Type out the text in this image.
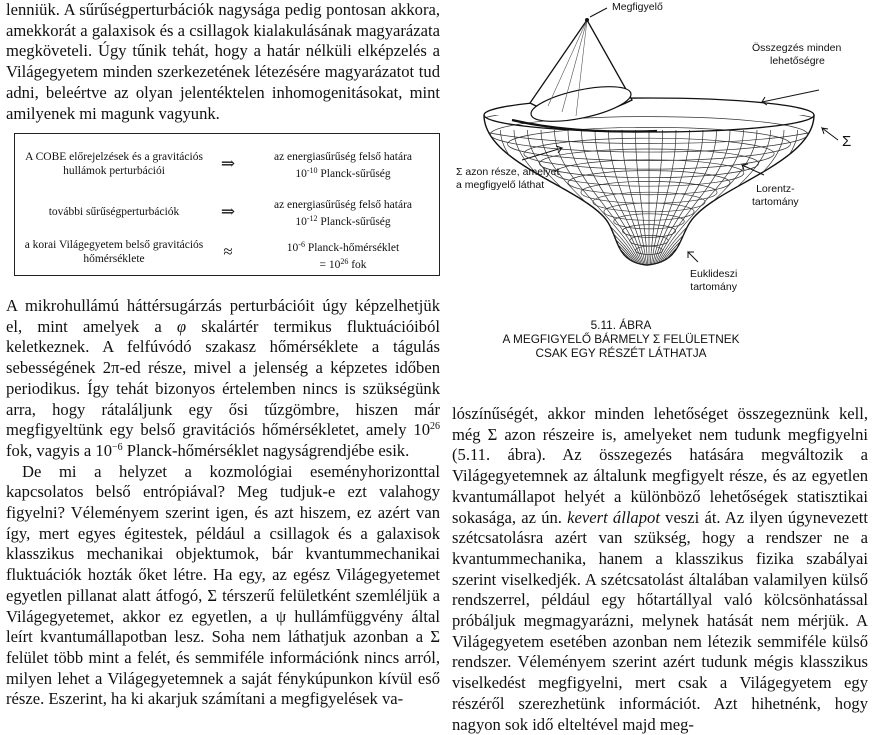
lenniük. A sűrűségperturbációk nagysága pedig pontosan akkora, amekkorát a galaxisok és a csillagok kialakulásának magyarázata megköveteli. Úgy tűnik tehát, hogy a határ nélküli elképzelés a Világegyetem minden szerkezetének létezésére magyarázatot tud adni, beleértve az olyan jelentéktelen inhomogenitásokat, mint amilyenek mi magunk vagyunk.

A COBE előrejelzések és a gravitációs hullámok perturbációi	⇒	az energiasűrűség felső határa
$10^{-10}$ Planck-sűrűség
további sűrűségperturbációk	⇒	az energiasűrűség felső határa
$10^{-12}$ Planck-sűrűség
a korai Világegyetem belső gravitációs hőmérséklete	≈	$10^{-6}$ Planck-hőmérséklet
= $10^{26}$ fok

A mikrohullámú háttérsugárzás perturbációit úgy képzelhetjük el, mint amelyek a φ skalártér termikus fluktuációiból keletkeznek. A felfúvódó szakasz hőmérséklete a tágulás sebességének 2π-ed része, mivel a jelenség a képzetes időben periodikus. Így tehát bizonyos értelemben nincs is szükségünk arra, hogy rátaláljunk egy ősi tűzgömbre, hiszen már megfigyeltünk egy belső gravitációs hőmérsékletet, amely $10^{26}$ fok, vagyis a $10^{-6}$ Planck-hőmérséklet nagyságrendjébe esik.

De mi a helyzet a kozmológiai eseményhorizonttal kapcsolatos belső entrópiával? Meg tudjuk-e ezt valahogy figyelni? Véleményem szerint igen, és azt hiszem, ez azért van így, mert egyes égitestek, például a csillagok és a galaxisok klasszikus mechanikai objektumok, bár kvantummechanikai fluktuációk hozták őket létre. Ha egy, az egész Világegyetemet egyetlen pillanat alatt átfogó, Σ térszerű felületként szemléljük a Világegyetemet, akkor ez egyetlen, a ψ hullámfüggvény által leírt kvantumállapotban lesz. Soha nem láthatjuk azonban a Σ felület több mint a felét, és semmiféle információnk nincs arról, milyen lehet a Világegyetemnek a saját fénykúpunkon kívül eső része. Eszerint, ha ki akarjuk számítani a megfigyelések va-

Megfigyelő
Összegzés minden
lehetőségre
Σ
Σ azon része, amelyet
a megfigyelő láthat	Lorentz-
tartomány
Euklideszi
tartomány
5.11. ÁBRA
A MEGFIGYELŐ BÁRMELY Σ FELÜLETNEK
CSAK EGY RÉSZÉT LÁTHATJA

lószínűségét, akkor minden lehetőséget összegeznünk kell, még Σ azon részeire is, amelyeket nem tudunk megfigyelni (5.11. ábra). Az összegezés hatására megváltozik a Világegyetemnek az általunk megfigyelt része, és az egyetlen kvantumállapot helyét a különböző lehetőségek statisztikai sokasága, az ún. kevert állapot veszi át. Az ilyen úgynevezett szétcsatolásra azért van szükség, hogy a rendszer ne a kvantummechanika, hanem a klasszikus fizika szabályai szerint viselkedjék. A szétcsatolást általában valamilyen külső rendszerrel, például egy hőtartállyal való kölcsönhatással próbáljuk megmagyarázni, melynek hatását nem mérjük. A Világegyetem esetében azonban nem létezik semmiféle külső rendszer. Véleményem szerint azért tudunk mégis klasszikus viselkedést megfigyelni, mert csak a Világegyetem egy részéről szerezhetünk információt. Azt hihetnénk, hogy nagyon sok idő elteltével majd meg-
